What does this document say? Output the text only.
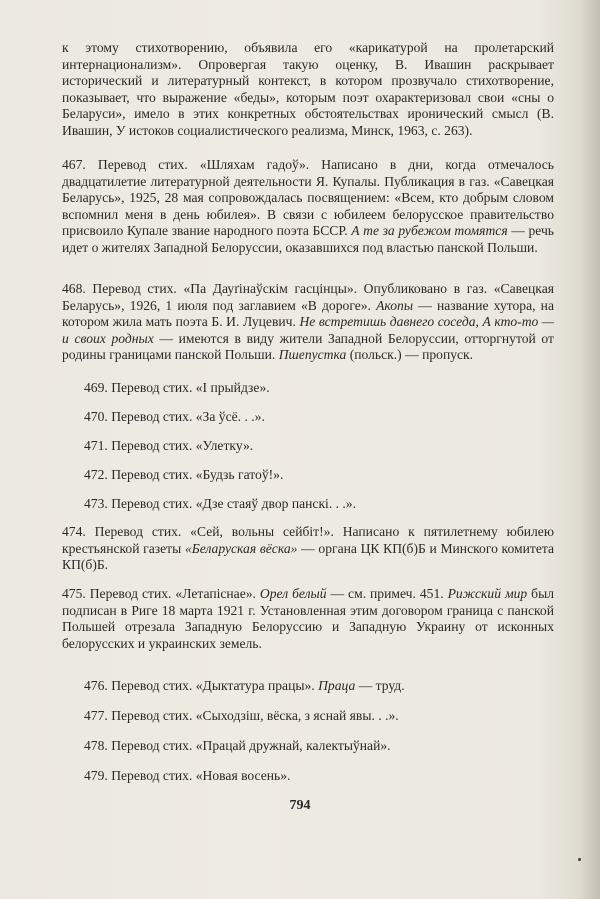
к этому стихотворению, объявила его «карикатурой на пролетарский интернационализм». Опровергая такую оценку, В. Ивашин раскрывает исторический и литературный контекст, в котором прозвучало стихотворение, показывает, что выражение «беды», которым поэт охарактеризовал свои «сны о Беларуси», имело в этих конкретных обстоятельствах иронический смысл (В. Ивашин, У истоков социалистического реализма, Минск, 1963, с. 263).

467. Перевод стих. «Шляхам гадоў». Написано в дни, когда отмечалось двадцатилетие литературной деятельности Я. Купалы. Публикация в газ. «Савецкая Беларусь», 1925, 28 мая сопровождалась посвящением: «Всем, кто добрым словом вспомнил меня в день юбилея». В связи с юбилеем белорусское правительство присвоило Купале звание народного поэта БССР. А те за рубежом томятся — речь идет о жителях Западной Белоруссии, оказавшихся под властью панской Польши.

468. Перевод стих. «Па Дауґінаўскім гасцінцы». Опубликовано в газ. «Савецкая Беларусь», 1926, 1 июля под заглавием «В дороге». Акопы — название хутора, на котором жила мать поэта Б. И. Луцевич. Не встретишь давнего соседа, А кто-то — и своих родных — имеются в виду жители Западной Белоруссии, отторгнутой от родины границами панской Польши. Пшепустка (польск.) — пропуск.

469. Перевод стих. «І прыйдзе».
470. Перевод стих. «За ўсё. . .».
471. Перевод стих. «Улетку».
472. Перевод стих. «Будзь гатоў!».
473. Перевод стих. «Дзе стаяў двор панскі. . .».

474. Перевод стих. «Сей, вольны сейбіт!». Написано к пятилетнему юбилею крестьянской газеты «Беларуская вёска» — органа ЦК КП(б)Б и Минского комитета КП(б)Б.

475. Перевод стих. «Летапіснае». Орел белый — см. примеч. 451. Рижский мир был подписан в Риге 18 марта 1921 г. Установленная этим договором граница с панской Польшей отрезала Западную Белоруссию и Западную Украину от исконных белорусских и украинских земель.

476. Перевод стих. «Дыктатура працы». Праца — труд.
477. Перевод стих. «Сыходзіш, вёска, з яснай явы. . .».
478. Перевод стих. «Працай дружнай, калектыўнай».
479. Перевод стих. «Новая восень».
794
